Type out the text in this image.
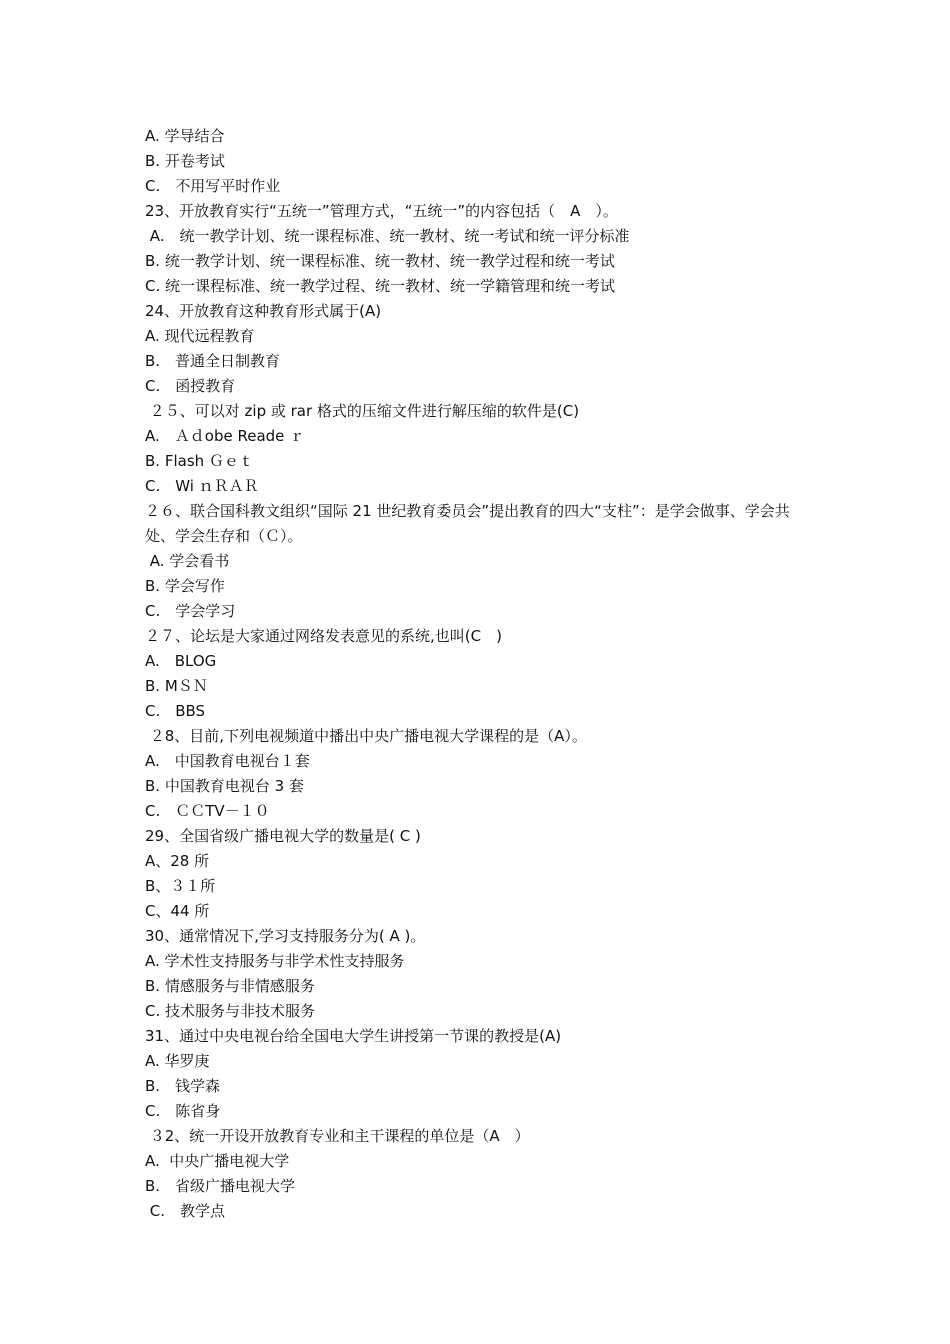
A. 学导结合
B. 开卷考试
C.　不用写平时作业
23、开放教育实行“五统一”管理方式，“五统一”的内容包括（　A　）。
A.　统一教学计划、统一课程标准、统一教材、统一考试和统一评分标准
B. 统一教学计划、统一课程标准、统一教材、统一教学过程和统一考试
C. 统一课程标准、统一教学过程、统一教材、统一学籍管理和统一考试
24、开放教育这种教育形式属于(A)
A. 现代远程教育
B.　普通全日制教育
C.　函授教育
２５、可以对 zip 或 rar 格式的压缩文件进行解压缩的软件是(C)
A.　Ａｄobe Reade ｒ
B. Flash Ｇｅｔ
C.　Wi ｎＲＡＲ
２６、联合国科教文组织“国际 21 世纪教育委员会”提出教育的四大“支柱”：是学会做事、学会共处、学会生存和（Ｃ）。
A. 学会看书
B. 学会写作
C.　学会学习
２７、论坛是大家通过网络发表意见的系统,也叫(C　)
A.　BLOG
B. MＳＮ
C.　BBS
２8、目前,下列电视频道中播出中央广播电视大学课程的是（A）。
A.　中国教育电视台１套
B. 中国教育电视台 3 套
C.　ＣＣTV－１０
29、全国省级广播电视大学的数量是( C )
A、28 所
B、３１所
C、44 所
30、通常情况下,学习支持服务分为( A )。
A. 学术性支持服务与非学术性支持服务
B. 情感服务与非情感服务
C. 技术服务与非技术服务
31、通过中央电视台给全国电大学生讲授第一节课的教授是(A)
A. 华罗庚
B.　钱学森
C.　陈省身
３2、统一开设开放教育专业和主干课程的单位是（A　）
A.  中央广播电视大学
B.　省级广播电视大学
C.　教学点
